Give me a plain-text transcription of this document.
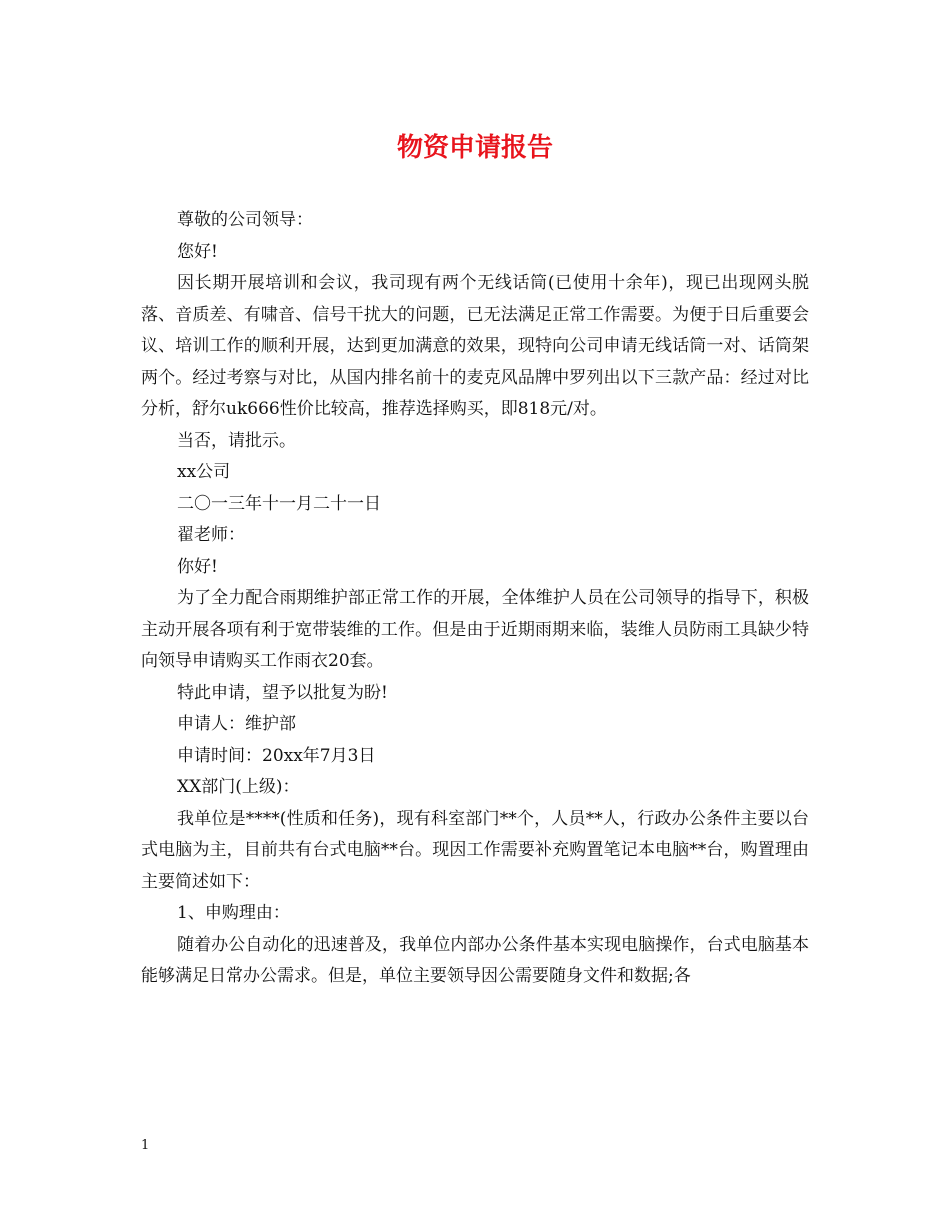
物资申请报告

尊敬的公司领导：

您好!

因长期开展培训和会议，我司现有两个无线话筒(已使用十余年)，现已出现网头脱落、音质差、有啸音、信号干扰大的问题，已无法满足正常工作需要。为便于日后重要会议、培训工作的顺利开展，达到更加满意的效果，现特向公司申请无线话筒一对、话筒架两个。经过考察与对比，从国内排名前十的麦克风品牌中罗列出以下三款产品：经过对比分析，舒尔uk666性价比较高，推荐选择购买，即818元/对。

当否，请批示。

xx公司

二〇一三年十一月二十一日

翟老师：

你好!

为了全力配合雨期维护部正常工作的开展，全体维护人员在公司领导的指导下，积极主动开展各项有利于宽带装维的工作。但是由于近期雨期来临，装维人员防雨工具缺少特向领导申请购买工作雨衣20套。

特此申请，望予以批复为盼!

申请人：维护部

申请时间：20xx年7月3日

XX部门(上级)：

我单位是****(性质和任务)，现有科室部门**个，人员**人，行政办公条件主要以台式电脑为主，目前共有台式电脑**台。现因工作需要补充购置笔记本电脑**台，购置理由主要简述如下：

1、申购理由：

随着办公自动化的迅速普及，我单位内部办公条件基本实现电脑操作，台式电脑基本能够满足日常办公需求。但是，单位主要领导因公需要随身文件和数据;各

1
